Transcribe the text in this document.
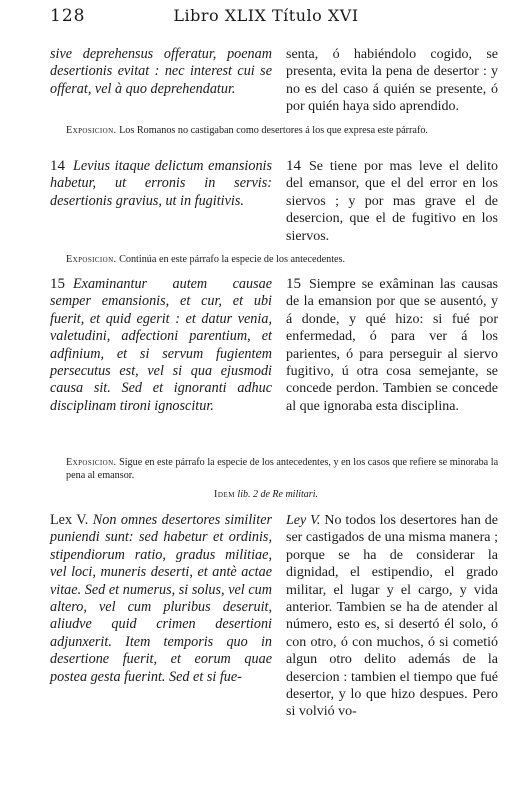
128	Libro XLIX Título XVI
sive deprehensus offeratur, poenam desertionis evitat : nec interest cui se offerat, vel à quo deprehendatur.
senta, ó habiéndolo cogido, se presenta, evita la pena de desertor : y no es del caso á quién se presente, ó por quién haya sido aprendido.
Exposicion. Los Romanos no castigaban como desertores á los que expresa este párrafo.
14 Levius itaque delictum emansionis habetur, ut erronis in servis: desertionis gravius, ut in fugitivis.
14 Se tiene por mas leve el delito del emansor, que el del error en los siervos ; y por mas grave el de desercion, que el de fugitivo en los siervos.
Exposicion. Continúa en este párrafo la especie de los antecedentes.
15 Examinantur autem causae semper emansionis, et cur, et ubi fuerit, et quid egerit : et datur venia, valetudini, adfectioni parentium, et adfinium, et si servum fugientem persecutus est, vel si qua ejusmodi causa sit. Sed et ignoranti adhuc disciplinam tironi ignoscitur.
15 Siempre se exâminan las causas de la emansion por que se ausentó, y á donde, y qué hizo: si fué por enfermedad, ó para ver á los parientes, ó para perseguir al siervo fugitivo, ú otra cosa semejante, se concede perdon. Tambien se concede al que ignoraba esta disciplina.
Exposicion. Sigue en este párrafo la especie de los antecedentes, y en los casos que refiere se minoraba la pena al emansor.
Idem lib. 2 de Re militari.
Lex V. Non omnes desertores similiter puniendi sunt: sed habetur et ordinis, stipendiorum ratio, gradus militiae, vel loci, muneris deserti, et antè actae vitae. Sed et numerus, si solus, vel cum altero, vel cum pluribus deseruit, aliudve quid crimen desertioni adjunxerit. Item temporis quo in desertione fuerit, et eorum quae postea gesta fuerint. Sed et si fue-
Ley V. No todos los desertores han de ser castigados de una misma manera ; porque se ha de considerar la dignidad, el estipendio, el grado militar, el lugar y el cargo, y vida anterior. Tambien se ha de atender al número, esto es, si desertó él solo, ó con otro, ó con muchos, ó si cometió algun otro delito además de la desercion : tambien el tiempo que fué desertor, y lo que hizo despues. Pero si volvió vo-
